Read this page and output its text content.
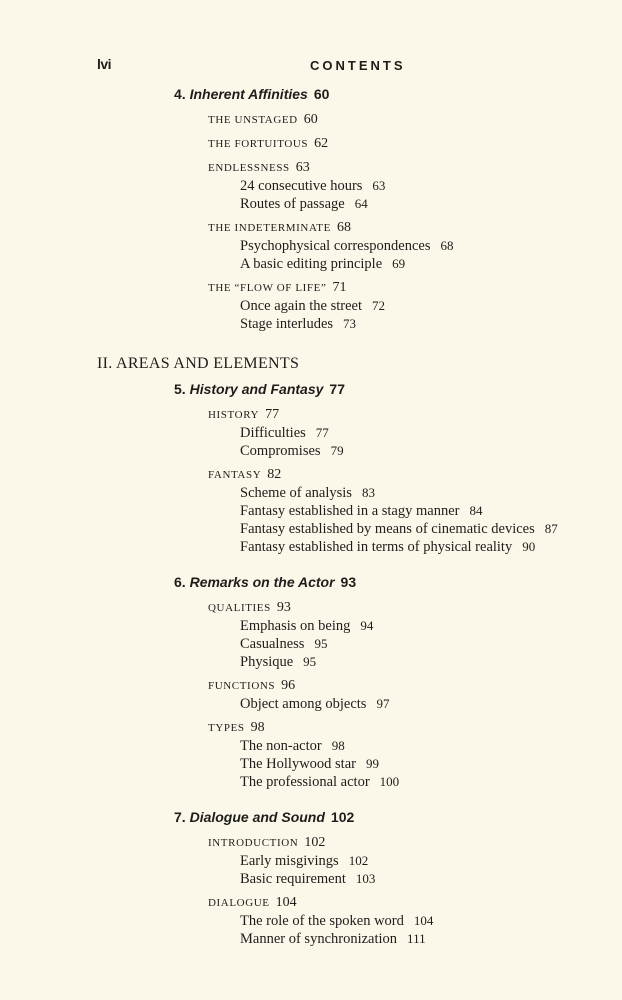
lvi	CONTENTS
4. Inherent Affinities 60
THE UNSTAGED 60
THE FORTUITOUS 62
ENDLESSNESS 63
24 consecutive hours 63
Routes of passage 64
THE INDETERMINATE 68
Psychophysical correspondences 68
A basic editing principle 69
THE “FLOW OF LIFE” 71
Once again the street 72
Stage interludes 73
II. AREAS AND ELEMENTS
5. History and Fantasy 77
HISTORY 77
Difficulties 77
Compromises 79
FANTASY 82
Scheme of analysis 83
Fantasy established in a stagy manner 84
Fantasy established by means of cinematic devices 87
Fantasy established in terms of physical reality 90
6. Remarks on the Actor 93
QUALITIES 93
Emphasis on being 94
Casualness 95
Physique 95
FUNCTIONS 96
Object among objects 97
TYPES 98
The non-actor 98
The Hollywood star 99
The professional actor 100
7. Dialogue and Sound 102
INTRODUCTION 102
Early misgivings 102
Basic requirement 103
DIALOGUE 104
The role of the spoken word 104
Manner of synchronization 111
